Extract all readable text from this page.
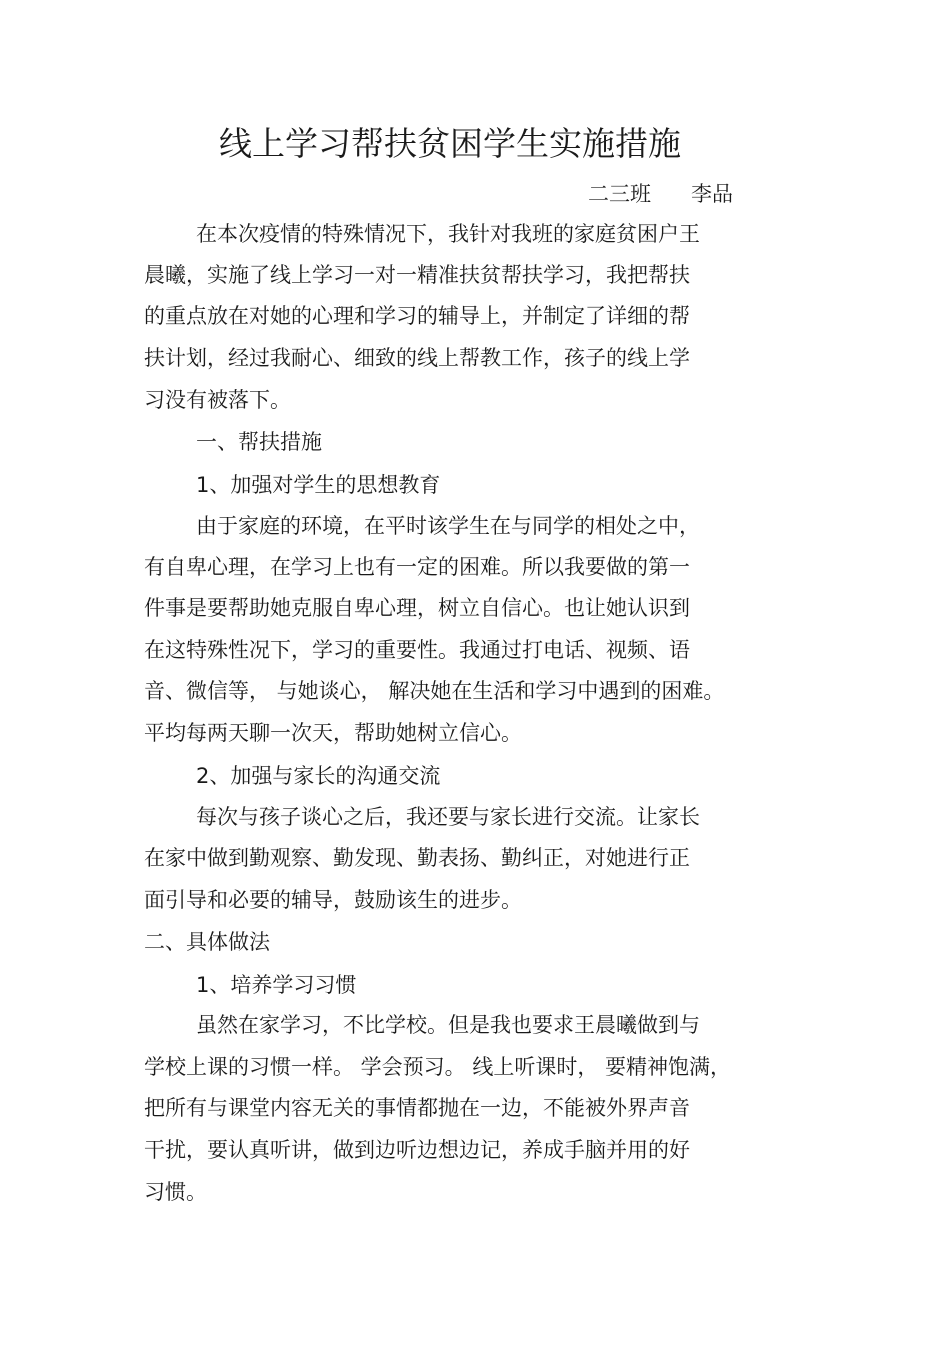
线上学习帮扶贫困学生实施措施
二三班 李品
在本次疫情的特殊情况下，我针对我班的家庭贫困户王
晨曦，实施了线上学习一对一精准扶贫帮扶学习，我把帮扶
的重点放在对她的心理和学习的辅导上，并制定了详细的帮
扶计划，经过我耐心、细致的线上帮教工作，孩子的线上学
习没有被落下。
一、帮扶措施
1、加强对学生的思想教育
由于家庭的环境，在平时该学生在与同学的相处之中，
有自卑心理，在学习上也有一定的困难。所以我要做的第一
件事是要帮助她克服自卑心理，树立自信心。也让她认识到
在这特殊性况下，学习的重要性。我通过打电话、视频、语
音、微信等， 与她谈心， 解决她在生活和学习中遇到的困难。
平均每两天聊一次天，帮助她树立信心。
2、加强与家长的沟通交流
每次与孩子谈心之后，我还要与家长进行交流。让家长
在家中做到勤观察、勤发现、勤表扬、勤纠正，对她进行正
面引导和必要的辅导，鼓励该生的进步。
二、具体做法
1、培养学习习惯
虽然在家学习，不比学校。但是我也要求王晨曦做到与
学校上课的习惯一样。 学会预习。 线上听课时， 要精神饱满，
把所有与课堂内容无关的事情都抛在一边，不能被外界声音
干扰，要认真听讲，做到边听边想边记，养成手脑并用的好
习惯。
